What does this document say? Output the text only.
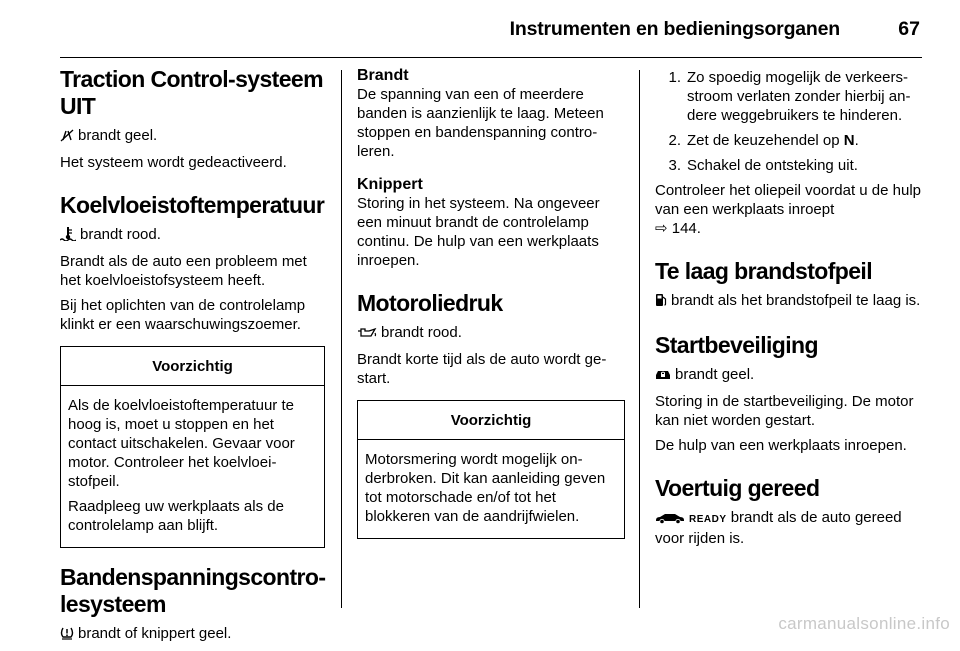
Instrumenten en bedieningsorganen	67
Traction Control-systeem UIT

brandt geel.

Het systeem wordt gedeactiveerd.

Koelvloeistoftemperatuur

brandt rood.

Brandt als de auto een probleem met het koelvloeistofsysteem heeft.

Bij het oplichten van de controlelamp klinkt er een waarschuwingszoemer.

Voorzichtig

Als de koelvloeistoftemperatuur te hoog is, moet u stoppen en het contact uitschakelen. Gevaar voor motor. Controleer het koelvloeistofpeil.

Raadpleeg uw werkplaats als de controlelamp aan blijft.

Bandenspanningscontrolesysteem

brandt of knippert geel.

Brandt

De spanning van een of meerdere banden is aanzienlijk te laag. Meteen stoppen en bandenspanning controleren.

Knippert

Storing in het systeem. Na ongeveer een minuut brandt de controlelamp continu. De hulp van een werkplaats inroepen.

Motoroliedruk

brandt rood.

Brandt korte tijd als de auto wordt gestart.

Voorzichtig

Motorsmering wordt mogelijk onderbroken. Dit kan aanleiding geven tot motorschade en/of tot het blokkeren van de aandrijfwielen.

1. Zo spoedig mogelijk de verkeersstroom verlaten zonder hierbij andere weggebruikers te hinderen.
2. Zet de keuzehendel op N.
3. Schakel de ontsteking uit.

Controleer het oliepeil voordat u de hulp van een werkplaats inroept
⇨ 144.

Te laag brandstofpeil

brandt als het brandstofpeil te laag is.

Startbeveiliging

brandt geel.

Storing in de startbeveiliging. De motor kan niet worden gestart.

De hulp van een werkplaats inroepen.

Voertuig gereed

READY brandt als de auto gereed voor rijden is.

carmanualsonline.info
